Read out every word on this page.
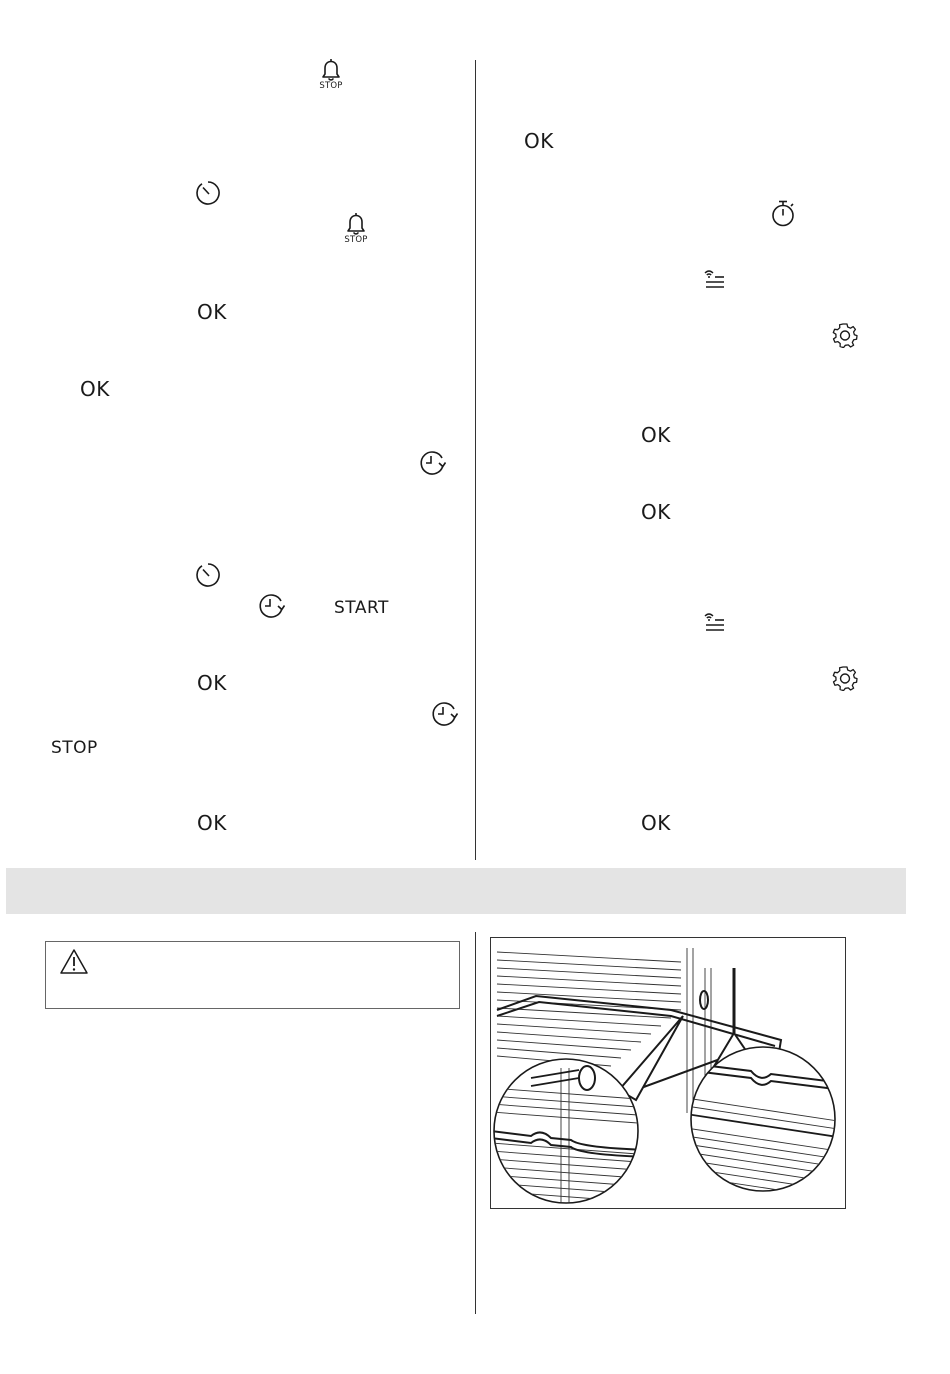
STOP
STOP
OK
OK
START
OK
STOP
OK
OK
OK
OK
OK
